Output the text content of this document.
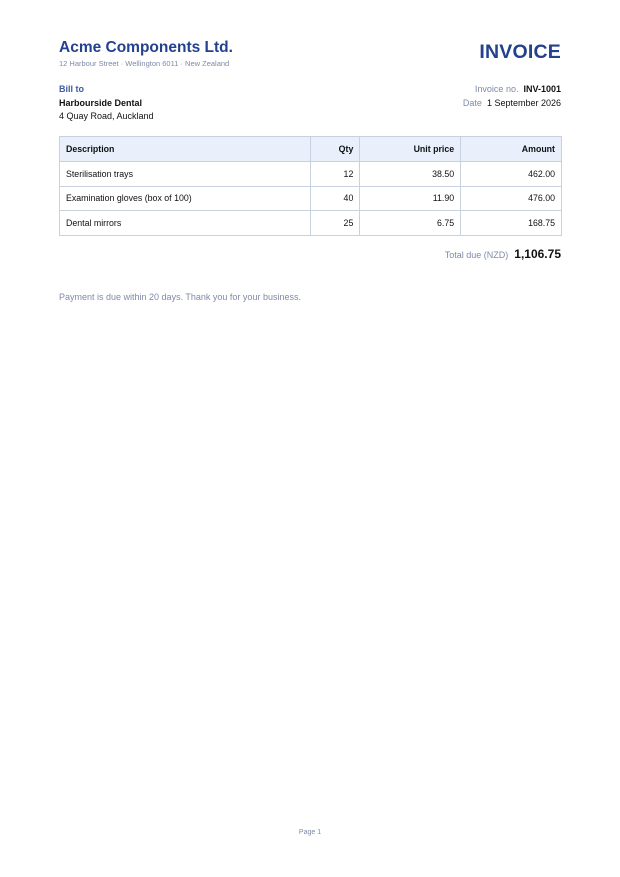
Acme Components Ltd.
12 Harbour Street · Wellington 6011 · New Zealand
INVOICE
Bill to
Harbourside Dental
4 Quay Road, Auckland
Invoice no. INV-1001
Date 1 September 2026
Description	Qty	Unit price	Amount
Sterilisation trays	12	38.50	462.00
Examination gloves (box of 100)	40	11.90	476.00
Dental mirrors	25	6.75	168.75
Total due (NZD) 1,106.75
Payment is due within 20 days. Thank you for your business.
Page 1
